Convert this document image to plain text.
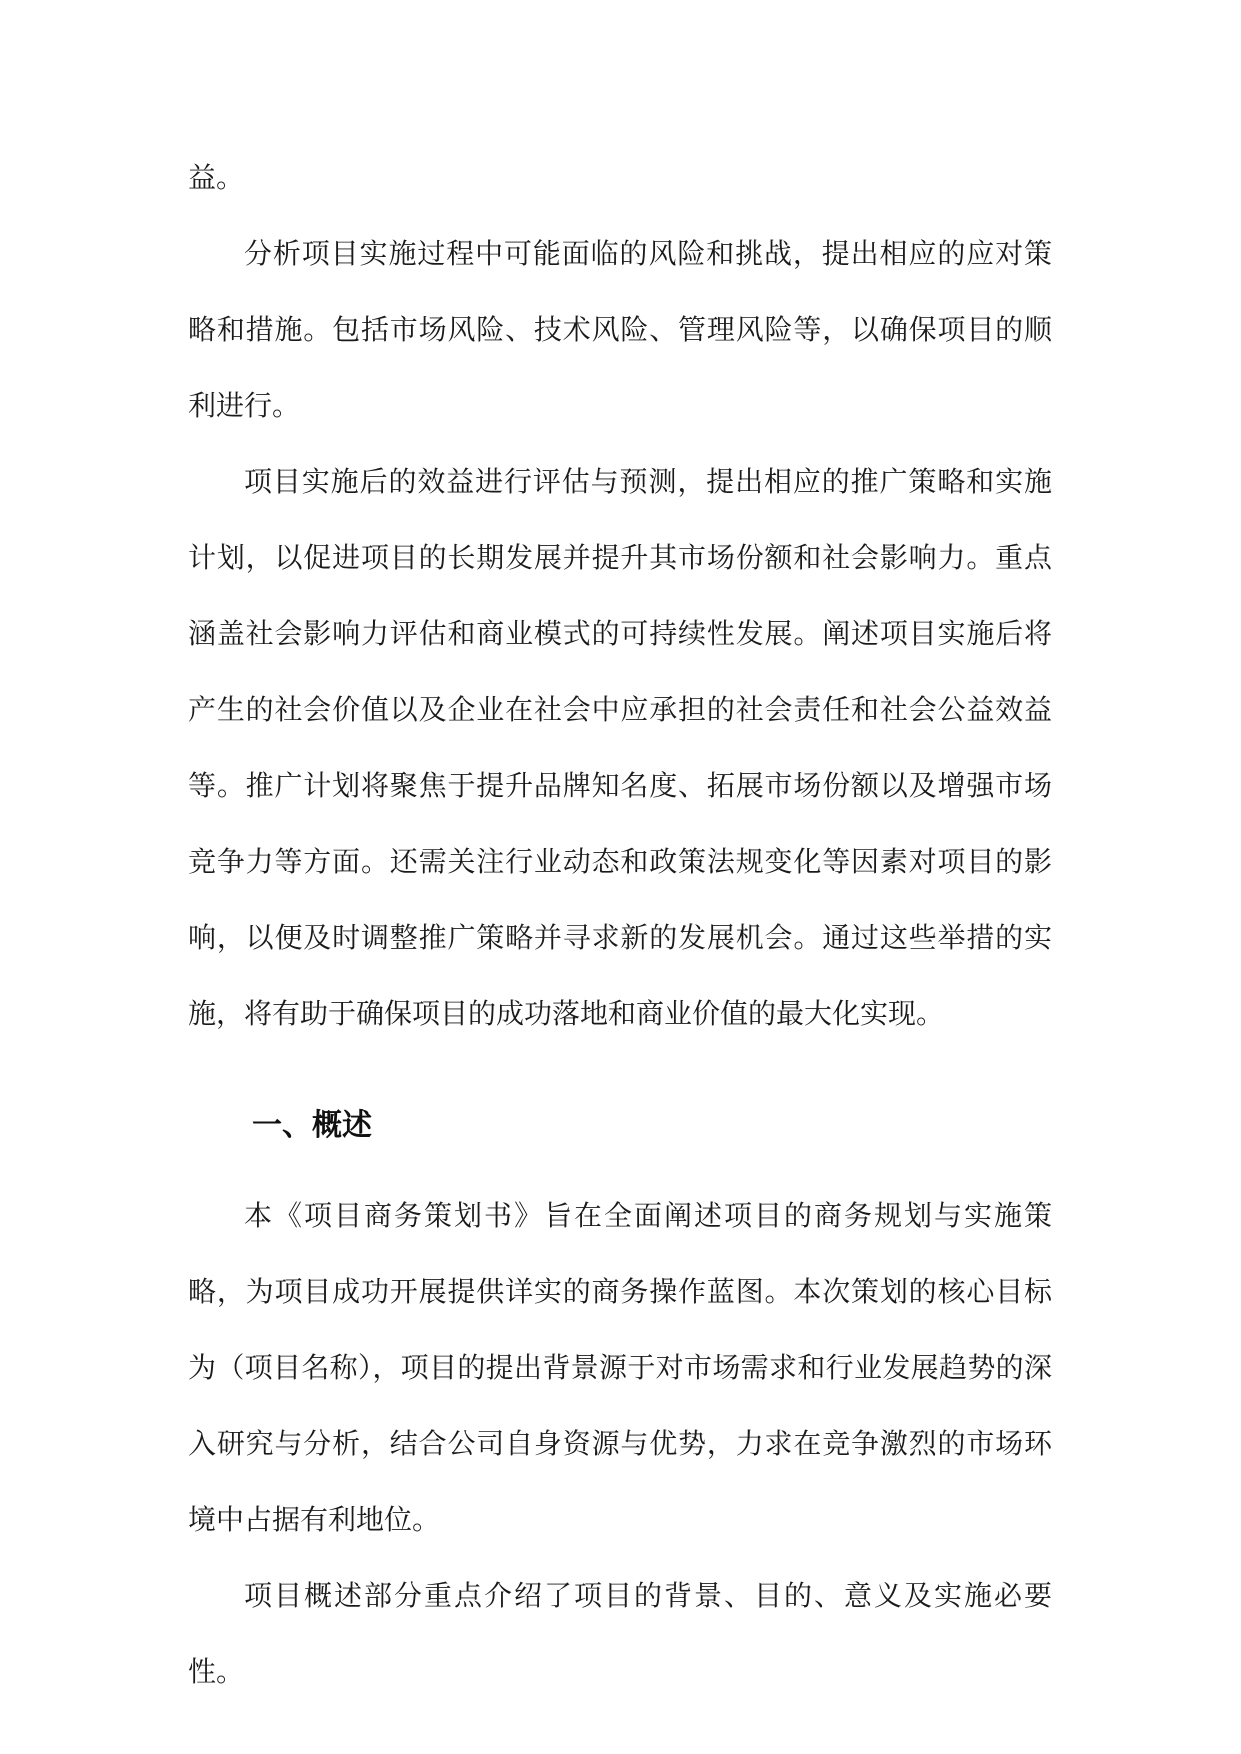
益。

分析项目实施过程中可能面临的风险和挑战，提出相应的应对策略和措施。包括市场风险、技术风险、管理风险等，以确保项目的顺利进行。

项目实施后的效益进行评估与预测，提出相应的推广策略和实施计划，以促进项目的长期发展并提升其市场份额和社会影响力。重点涵盖社会影响力评估和商业模式的可持续性发展。阐述项目实施后将产生的社会价值以及企业在社会中应承担的社会责任和社会公益效益等。推广计划将聚焦于提升品牌知名度、拓展市场份额以及增强市场竞争力等方面。还需关注行业动态和政策法规变化等因素对项目的影响，以便及时调整推广策略并寻求新的发展机会。通过这些举措的实施，将有助于确保项目的成功落地和商业价值的最大化实现。

一、概述

本《项目商务策划书》旨在全面阐述项目的商务规划与实施策略，为项目成功开展提供详实的商务操作蓝图。本次策划的核心目标为（项目名称），项目的提出背景源于对市场需求和行业发展趋势的深入研究与分析，结合公司自身资源与优势，力求在竞争激烈的市场环境中占据有利地位。

项目概述部分重点介绍了项目的背景、目的、意义及实施必要性。
